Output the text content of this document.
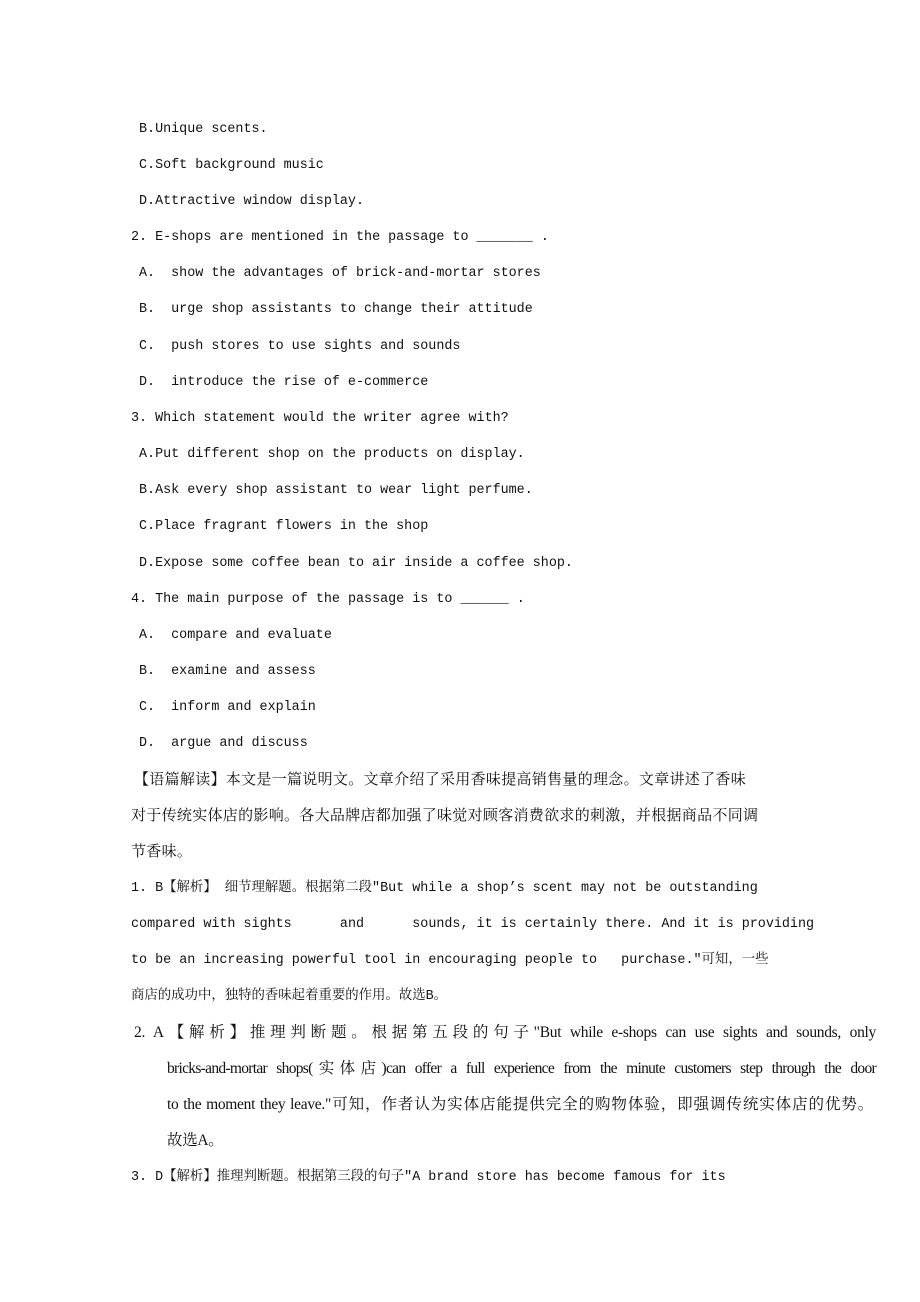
B.Unique scents.
C.Soft background music
D.Attractive window display.
2. E-shops are mentioned in the passage to _______ .
A.  show the advantages of brick-and-mortar stores
B.  urge shop assistants to change their attitude
C.  push stores to use sights and sounds
D.  introduce the rise of e-commerce
3. Which statement would the writer agree with?
A.Put different shop on the products on display.
B.Ask every shop assistant to wear light perfume.
C.Place fragrant flowers in the shop
D.Expose some coffee bean to air inside a coffee shop.
4. The main purpose of the passage is to ______ .
A.  compare and evaluate
B.  examine and assess
C.  inform and explain
D.  argue and discuss
【语篇解读】本文是一篇说明文。文章介绍了采用香味提高销售量的理念。文章讲述了香味
对于传统实体店的影响。各大品牌店都加强了味觉对顾客消费欲求的刺激，并根据商品不同调
节香味。
1. B【解析】 细节理解题。根据第二段"But while a shop’s scent may not be outstanding
compared with sights      and      sounds, it is certainly there. And it is providing
to be an increasing powerful tool in encouraging people to   purchase."可知，一些
商店的成功中，独特的香味起着重要的作用。故选B。
2. A【解析】推理判断题。根据第五段的句子"But while e-shops can use sights and sounds, only
bricks-and-mortar shops(实体店)can offer a full experience from the minute customers step through the door
to the moment they leave."可知，作者认为实体店能提供完全的购物体验，即强调传统实体店的优势。
故选A。
3. D【解析】推理判断题。根据第三段的句子"A brand store has become famous for its
